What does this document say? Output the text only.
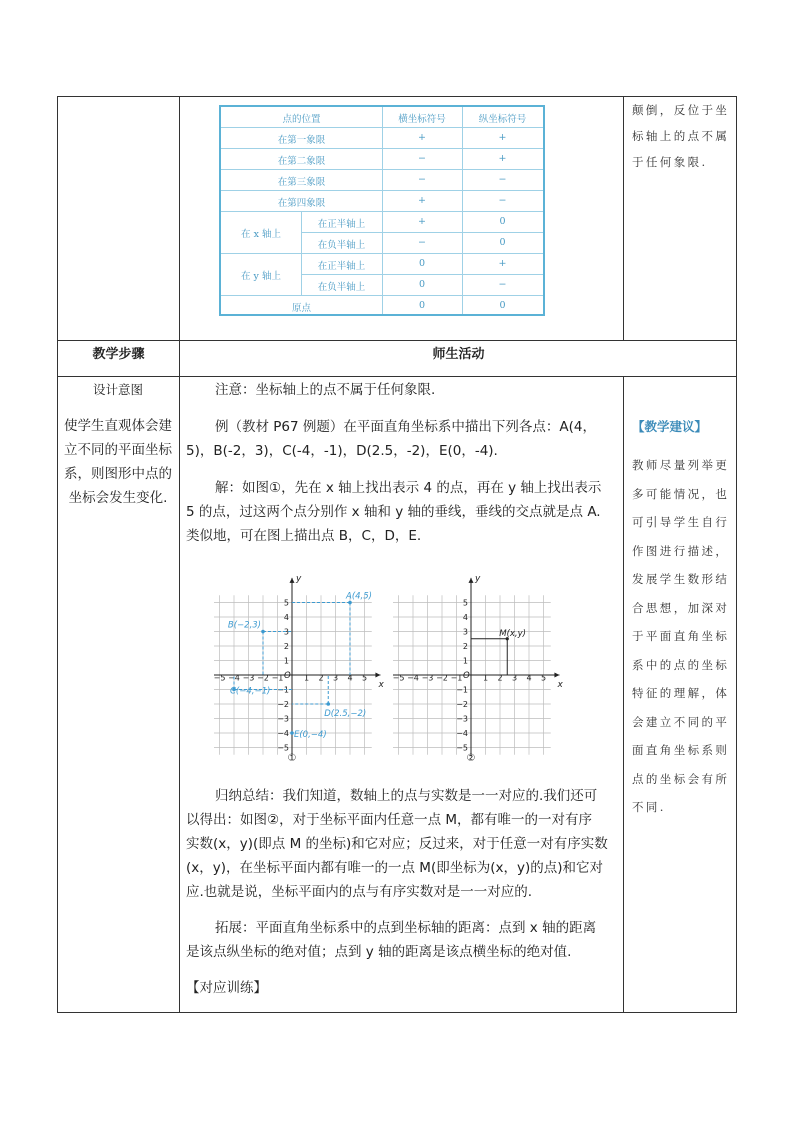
点的位置	横坐标符号	纵坐标符号
在第一象限	+	+
在第二象限	−	+
在第三象限	−	−
在第四象限	+	−
在 x 轴上
在正半轴上	+	0
在负半轴上	−	0
在 y 轴上
在正半轴上	0	+
在负半轴上	0	−
原点	0	0
颠倒，反位于坐标轴上的点不属于任何象限.
教学步骤	师生活动
设计意图
使学生直观体会建立不同的平面坐标系，则图形中点的坐标会发生变化.
注意：坐标轴上的点不属于任何象限.
例（教材 P67 例题）在平面直角坐标系中描出下列各点：A(4，
5)，B(-2，3)，C(-4，-1)，D(2.5，-2)，E(0，-4).
解：如图①，先在 x 轴上找出表示 4 的点，再在 y 轴上找出表示
5 的点，过这两个点分别作 x 轴和 y 轴的垂线，垂线的交点就是点 A.
类似地，可在图上描出点 B，C，D，E.
x
y
O
−5 −4 −3 −2 −1	1 2 3 4 5
5
4
3
2
1
−1
−2
−3
−4
−5
①
A(4,5)
B(−2,3)
C(−4,−1)
D(2.5,−2)
E(0,−4)
x
y
O
−5 −4 −3 −2 −1	1 2 3 4 5
5
4
3
2
1
−1
−2
−3
−4
−5
②
M(x,y)
归纳总结：我们知道，数轴上的点与实数是一一对应的.我们还可
以得出：如图②，对于坐标平面内任意一点 M，都有唯一的一对有序
实数(x，y)(即点 M 的坐标)和它对应；反过来，对于任意一对有序实数
(x，y)，在坐标平面内都有唯一的一点 M(即坐标为(x，y)的点)和它对
应.也就是说，坐标平面内的点与有序实数对是一一对应的.
拓展：平面直角坐标系中的点到坐标轴的距离：点到 x 轴的距离
是该点纵坐标的绝对值；点到 y 轴的距离是该点横坐标的绝对值.
【对应训练】
【教学建议】
教师尽量列举更多可能情况，也可引导学生自行作图进行描述，发展学生数形结合思想，加深对于平面直角坐标系中的点的坐标特征的理解，体会建立不同的平面直角坐标系则点的坐标会有所不同.
